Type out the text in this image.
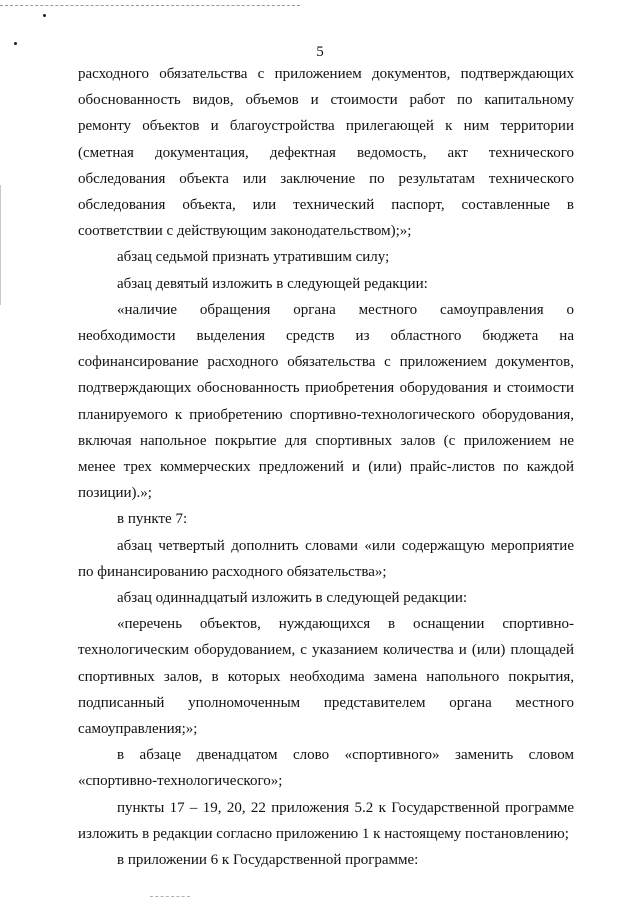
5

расходного обязательства с приложением документов, подтверждающих обоснованность видов, объемов и стоимости работ по капитальному ремонту объектов и благоустройства прилегающей к ним территории (сметная документация, дефектная ведомость, акт технического обследования объекта или заключение по результатам технического обследования объекта, или технический паспорт, составленные в соответствии с действующим законодательством);»;

абзац седьмой признать утратившим силу;

абзац девятый изложить в следующей редакции:

«наличие обращения органа местного самоуправления о необходимости выделения средств из областного бюджета на софинансирование расходного обязательства с приложением документов, подтверждающих обоснованность приобретения оборудования и стоимости планируемого к приобретению спортивно-технологического оборудования, включая напольное покрытие для спортивных залов (с приложением не менее трех коммерческих предложений и (или) прайс-листов по каждой позиции).»;

в пункте 7:

абзац четвертый дополнить словами «или содержащую мероприятие по финансированию расходного обязательства»;

абзац одиннадцатый изложить в следующей редакции:

«перечень объектов, нуждающихся в оснащении спортивно-технологическим оборудованием, с указанием количества и (или) площадей спортивных залов, в которых необходима замена напольного покрытия, подписанный уполномоченным представителем органа местного самоуправления;»;

в абзаце двенадцатом слово «спортивного» заменить словом «спортивно-технологического»;

пункты 17 – 19, 20, 22 приложения 5.2 к Государственной программе изложить в редакции согласно приложению 1 к настоящему постановлению;

в приложении 6 к Государственной программе:
